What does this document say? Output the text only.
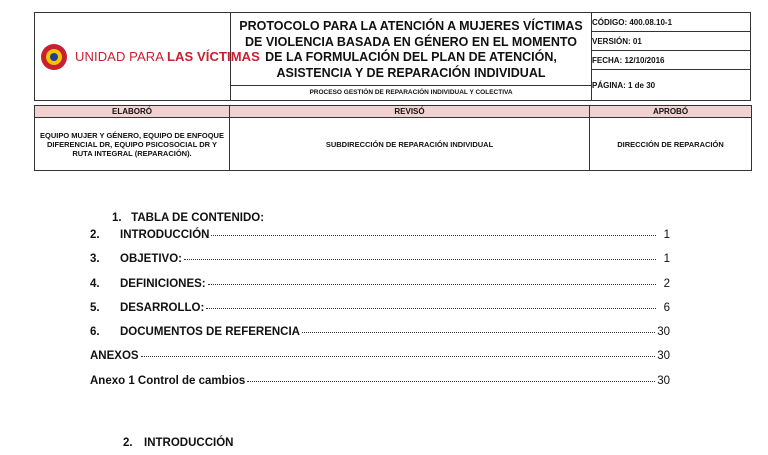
UNIDAD PARA LAS VÍCTIMAS

PROTOCOLO PARA LA ATENCIÓN A MUJERES VÍCTIMAS DE VIOLENCIA BASADA EN GÉNERO EN EL MOMENTO DE LA FORMULACIÓN DEL PLAN DE ATENCIÓN, ASISTENCIA Y DE REPARACIÓN INDIVIDUAL
	CÓDIGO: 400.08.10-1
VERSIÓN: 01
FECHA: 12/10/2016
PÁGINA: 1 de 30
PROCESO GESTIÓN DE REPARACIÓN INDIVIDUAL Y COLECTIVA
ELABORÓ	REVISÓ	APROBÓ
EQUIPO MUJER Y GÉNERO, EQUIPO DE ENFOQUE DIFERENCIAL DR, EQUIPO PSICOSOCIAL DR Y RUTA INTEGRAL (REPARACIÓN).	SUBDIRECCIÓN DE REPARACIÓN INDIVIDUAL	DIRECCIÓN DE REPARACIÓN
1.   TABLA DE CONTENIDO:
2.	INTRODUCCIÓN	1
3.	OBJETIVO:	1
4.	DEFINICIONES:	2
5.	DESARROLLO:	6
6.	DOCUMENTOS DE REFERENCIA	30
ANEXOS	30
Anexo 1 Control de cambios	30
2. INTRODUCCIÓN
